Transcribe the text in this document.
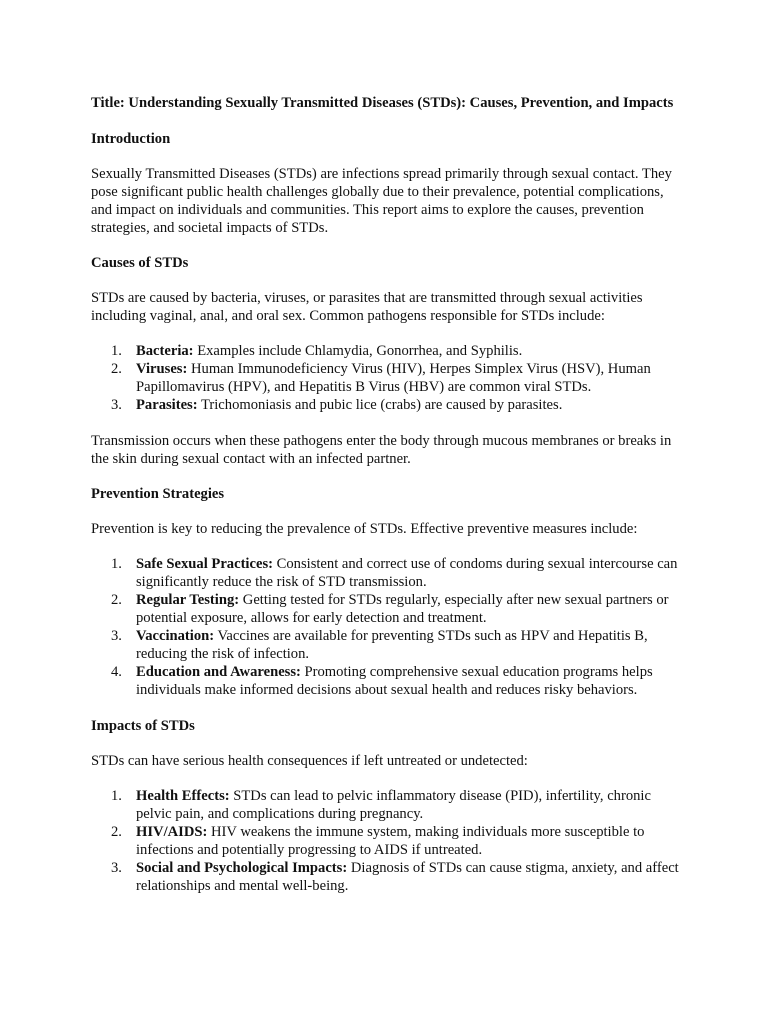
Title: Understanding Sexually Transmitted Diseases (STDs): Causes, Prevention, and Impacts
Introduction
Sexually Transmitted Diseases (STDs) are infections spread primarily through sexual contact. They pose significant public health challenges globally due to their prevalence, potential complications, and impact on individuals and communities. This report aims to explore the causes, prevention strategies, and societal impacts of STDs.
Causes of STDs
STDs are caused by bacteria, viruses, or parasites that are transmitted through sexual activities including vaginal, anal, and oral sex. Common pathogens responsible for STDs include:
1. Bacteria: Examples include Chlamydia, Gonorrhea, and Syphilis.
2. Viruses: Human Immunodeficiency Virus (HIV), Herpes Simplex Virus (HSV), Human Papillomavirus (HPV), and Hepatitis B Virus (HBV) are common viral STDs.
3. Parasites: Trichomoniasis and pubic lice (crabs) are caused by parasites.
Transmission occurs when these pathogens enter the body through mucous membranes or breaks in the skin during sexual contact with an infected partner.
Prevention Strategies
Prevention is key to reducing the prevalence of STDs. Effective preventive measures include:
1. Safe Sexual Practices: Consistent and correct use of condoms during sexual intercourse can significantly reduce the risk of STD transmission.
2. Regular Testing: Getting tested for STDs regularly, especially after new sexual partners or potential exposure, allows for early detection and treatment.
3. Vaccination: Vaccines are available for preventing STDs such as HPV and Hepatitis B, reducing the risk of infection.
4. Education and Awareness: Promoting comprehensive sexual education programs helps individuals make informed decisions about sexual health and reduces risky behaviors.
Impacts of STDs
STDs can have serious health consequences if left untreated or undetected:
1. Health Effects: STDs can lead to pelvic inflammatory disease (PID), infertility, chronic pelvic pain, and complications during pregnancy.
2. HIV/AIDS: HIV weakens the immune system, making individuals more susceptible to infections and potentially progressing to AIDS if untreated.
3. Social and Psychological Impacts: Diagnosis of STDs can cause stigma, anxiety, and affect relationships and mental well-being.
